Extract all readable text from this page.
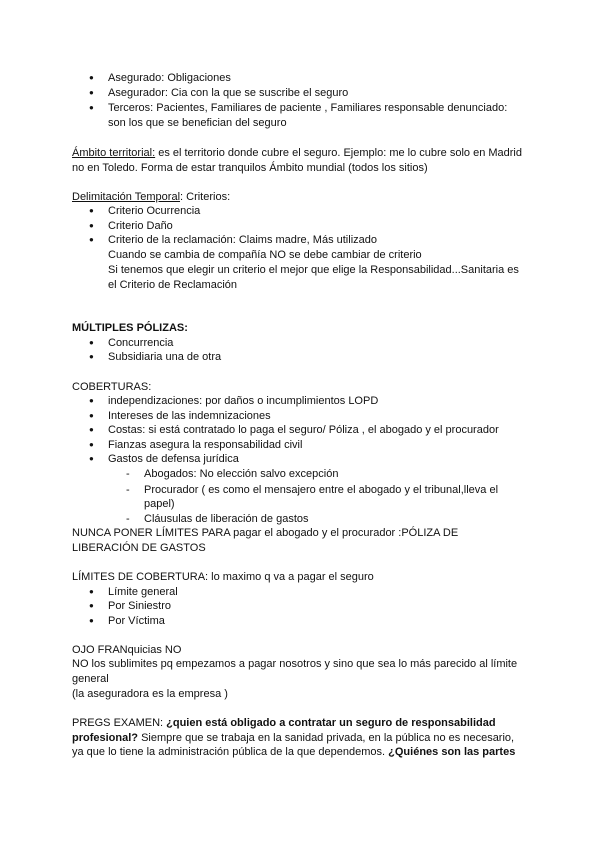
● Asegurado: Obligaciones
● Asegurador: Cia con la que se suscribe el seguro
● Terceros: Pacientes, Familiares de paciente , Familiares responsable denunciado:
son los que se benefician del seguro
Ámbito territorial: es el territorio donde cubre el seguro. Ejemplo: me lo cubre solo en Madrid
no en Toledo. Forma de estar tranquilos Ámbito mundial (todos los sitios)
Delimitación Temporal: Criterios:
● Criterio Ocurrencia
● Criterio Daño
● Criterio de la reclamación: Claims madre, Más utilizado
Cuando se cambia de compañía NO se debe cambiar de criterio
Si tenemos que elegir un criterio el mejor que elige la Responsabilidad...Sanitaria es
el Criterio de Reclamación
MÚLTIPLES PÓLIZAS:
● Concurrencia
● Subsidiaria una de otra
COBERTURAS:
● independizaciones: por daños o incumplimientos LOPD
● Intereses de las indemnizaciones
● Costas: si está contratado lo paga el seguro/ Póliza , el abogado y el procurador
● Fianzas asegura la responsabilidad civil
● Gastos de defensa jurídica
- Abogados: No elección salvo excepción
- Procurador ( es como el mensajero entre el abogado y el tribunal,lleva el
papel)
- Cláusulas de liberación de gastos
NUNCA PONER LÍMITES PARA pagar el abogado y el procurador :PÓLIZA DE
LIBERACIÓN DE GASTOS
LÍMITES DE COBERTURA: lo maximo q va a pagar el seguro
● Límite general
● Por Siniestro
● Por Víctima
OJO FRANquicias NO
NO los sublimites pq empezamos a pagar nosotros y sino que sea lo más parecido al límite
general
(la aseguradora es la empresa )
PREGS EXAMEN: ¿quien está obligado a contratar un seguro de responsabilidad
profesional? Siempre que se trabaja en la sanidad privada, en la pública no es necesario,
ya que lo tiene la administración pública de la que dependemos. ¿Quiénes son las partes
